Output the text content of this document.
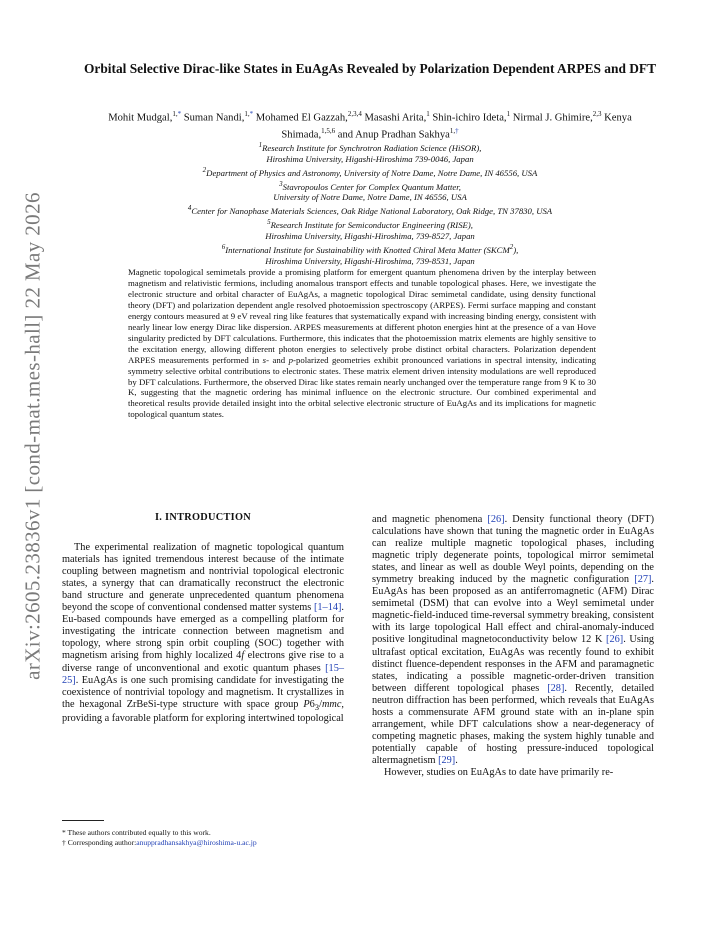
arXiv:2605.23836v1 [cond-mat.mes-hall] 22 May 2026
Orbital Selective Dirac-like States in EuAgAs Revealed by Polarization Dependent ARPES and DFT
Mohit Mudgal,$^{1,*}$ Suman Nandi,$^{1,*}$ Mohamed El Gazzah,$^{2,3,4}$ Masashi Arita,$^1$ Shin-ichiro Ideta,$^1$ Nirmal J. Ghimire,$^{2,3}$ Kenya Shimada,$^{1,5,6}$ and Anup Pradhan Sakhya$^{1,\dagger}$
$^1$Research Institute for Synchrotron Radiation Science (HiSOR),
Hiroshima University, Higashi-Hiroshima 739-0046, Japan
$^2$Department of Physics and Astronomy, University of Notre Dame, Notre Dame, IN 46556, USA
$^3$Stavropoulos Center for Complex Quantum Matter,
University of Notre Dame, Notre Dame, IN 46556, USA
$^4$Center for Nanophase Materials Sciences, Oak Ridge National Laboratory, Oak Ridge, TN 37830, USA
$^5$Research Institute for Semiconductor Engineering (RISE),
Hiroshima University, Higashi-Hiroshima, 739-8527, Japan
$^6$International Institute for Sustainability with Knotted Chiral Meta Matter (SKCM$^2$),
Hiroshima University, Higashi-Hiroshima, 739-8531, Japan

Magnetic topological semimetals provide a promising platform for emergent quantum phenomena driven by the interplay between magnetism and relativistic fermions, including anomalous transport effects and tunable topological phases. Here, we investigate the electronic structure and orbital character of EuAgAs, a magnetic topological Dirac semimetal candidate, using density functional theory (DFT) and polarization dependent angle resolved photoemission spectroscopy (ARPES). Fermi surface mapping and constant energy contours measured at 9 eV reveal ring like features that systematically expand with increasing binding energy, consistent with nearly linear low energy Dirac like dispersion. ARPES measurements at different photon energies hint at the presence of a van Hove singularity predicted by DFT calculations. Furthermore, this indicates that the photoemission matrix elements are highly sensitive to the excitation energy, allowing different photon energies to selectively probe distinct orbital characters. Polarization dependent ARPES measurements performed in s- and p-polarized geometries exhibit pronounced variations in spectral intensity, indicating symmetry selective orbital contributions to electronic states. These matrix element driven intensity modulations are well reproduced by DFT calculations. Furthermore, the observed Dirac like states remain nearly unchanged over the temperature range from 9 K to 30 K, suggesting that the magnetic ordering has minimal influence on the electronic structure. Our combined experimental and theoretical results provide detailed insight into the orbital selective electronic structure of EuAgAs and its implications for magnetic topological quantum states.

I. INTRODUCTION

The experimental realization of magnetic topological quantum materials has ignited tremendous interest because of the intimate coupling between magnetism and nontrivial topological electronic states, a synergy that can dramatically reconstruct the electronic band structure and generate unprecedented quantum phenomena beyond the scope of conventional condensed matter systems [1–14]. Eu-based compounds have emerged as a compelling platform for investigating the intricate connection between magnetism and topology, where strong spin orbit coupling (SOC) together with magnetism arising from highly localized 4f electrons give rise to a diverse range of unconventional and exotic quantum phases [15–25]. EuAgAs is one such promising candidate for investigating the coexistence of nontrivial topology and magnetism. It crystallizes in the hexagonal ZrBeSi-type structure with space group $P6_3$/mmc, providing a favorable platform for exploring intertwined topological

and magnetic phenomena [26]. Density functional theory (DFT) calculations have shown that tuning the magnetic order in EuAgAs can realize multiple magnetic topological phases, including magnetic triply degenerate points, topological mirror semimetal states, and linear as well as double Weyl points, depending on the symmetry breaking induced by the magnetic configuration [27]. EuAgAs has been proposed as an antiferromagnetic (AFM) Dirac semimetal (DSM) that can evolve into a Weyl semimetal under magnetic-field-induced time-reversal symmetry breaking, consistent with its large topological Hall effect and chiral-anomaly-induced positive longitudinal magnetoconductivity below 12 K [26]. Using ultrafast optical excitation, EuAgAs was recently found to exhibit distinct fluence-dependent responses in the AFM and paramagnetic states, indicating a possible magnetic-order-driven transition between different topological phases [28]. Recently, detailed neutron diffraction has been performed, which reveals that EuAgAs hosts a commensurate AFM ground state with an in-plane spin arrangement, while DFT calculations show a near-degeneracy of competing magnetic phases, making the system highly tunable and potentially capable of hosting pressure-induced topological altermagnetism [29].

However, studies on EuAgAs to date have primarily re-

* These authors contributed equally to this work.
† Corresponding author:anuppradhansakhya@hiroshima-u.ac.jp
